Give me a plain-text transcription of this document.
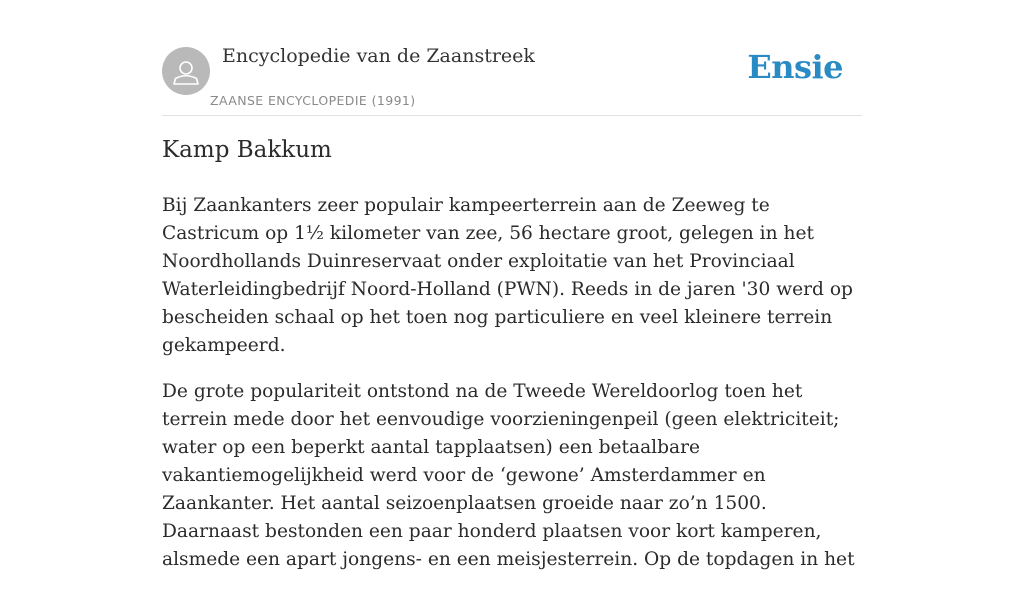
Encyclopedie van de Zaanstreek
ZAANSE ENCYCLOPEDIE (1991)
Ensie
Kamp Bakkum

Bij Zaankanters zeer populair kampeerterrein aan de Zeeweg te Castricum op 1½ kilometer van zee, 56 hectare groot, gelegen in het Noordhollands Duinreservaat onder exploitatie van het Provinciaal Waterleidingbedrijf Noord-Holland (PWN). Reeds in de jaren '30 werd op bescheiden schaal op het toen nog particuliere en veel kleinere terrein gekampeerd.

De grote populariteit ontstond na de Tweede Wereldoorlog toen het terrein mede door het eenvoudige voorzieningenpeil (geen elektriciteit; water op een beperkt aantal tapplaatsen) een betaalbare vakantiemogelijkheid werd voor de ‘gewone’ Amsterdammer en Zaankanter. Het aantal seizoenplaatsen groeide naar zo’n 1500. Daarnaast bestonden een paar honderd plaatsen voor kort kamperen, alsmede een apart jongens- en een meisjesterrein. Op de topdagen in het
